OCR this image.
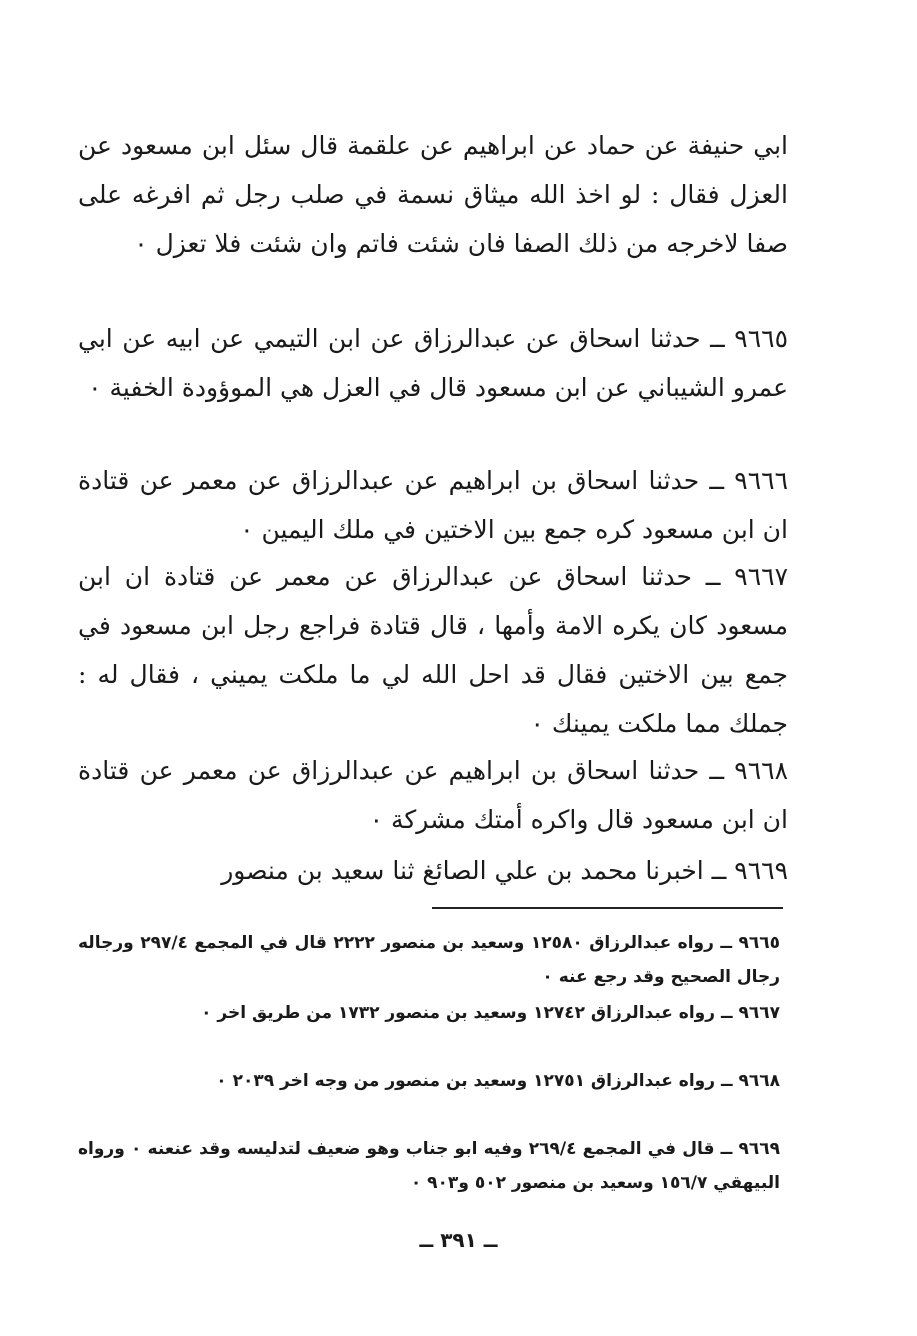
ابي حنيفة عن حماد عن ابراهيم عن علقمة قال سئل ابن مسعود عن العزل فقال : لو اخذ الله ميثاق نسمة في صلب رجل ثم افرغه على صفا لاخرجه من ذلك الصفا فان شئت فاتم وان شئت فلا تعزل ٠

٩٦٦٥ ــ حدثنا اسحاق عن عبدالرزاق عن ابن التيمي عن ابيه عن ابي عمرو الشيباني عن ابن مسعود قال في العزل هي الموؤودة الخفية ٠

٩٦٦٦ ــ حدثنا اسحاق بن ابراهيم عن عبدالرزاق عن معمر عن قتادة ان ابن مسعود كره جمع بين الاختين في ملك اليمين ٠

٩٦٦٧ ــ حدثنا اسحاق عن عبدالرزاق عن معمر عن قتادة ان ابن مسعود كان يكره الامة وأمها ، قال قتادة فراجع رجل ابن مسعود في جمع بين الاختين فقال قد احل الله لي ما ملكت يميني ، فقال له : جملك مما ملكت يمينك ٠

٩٦٦٨ ــ حدثنا اسحاق بن ابراهيم عن عبدالرزاق عن معمر عن قتادة ان ابن مسعود قال واكره أمتك مشركة ٠

٩٦٦٩ ــ اخبرنا محمد بن علي الصائغ ثنا سعيد بن منصور

٩٦٦٥ ــ رواه عبدالرزاق ١٢٥٨٠ وسعيد بن منصور ٢٢٢٢ قال في المجمع ٢٩٧/٤ ورجاله رجال الصحيح وقد رجع عنه ٠

٩٦٦٧ ــ رواه عبدالرزاق ١٢٧٤٢ وسعيد بن منصور ١٧٣٢ من طريق اخر ٠

٩٦٦٨ ــ رواه عبدالرزاق ١٢٧٥١ وسعيد بن منصور من وجه اخر ٢٠٣٩ ٠

٩٦٦٩ ــ قال في المجمع ٢٦٩/٤ وفيه ابو جناب وهو ضعيف لتدليسه وقد عنعنه ٠ ورواه البيهقي ١٥٦/٧ وسعيد بن منصور ٥٠٢ و٩٠٣ ٠

ــ ٣٩١ ــ
